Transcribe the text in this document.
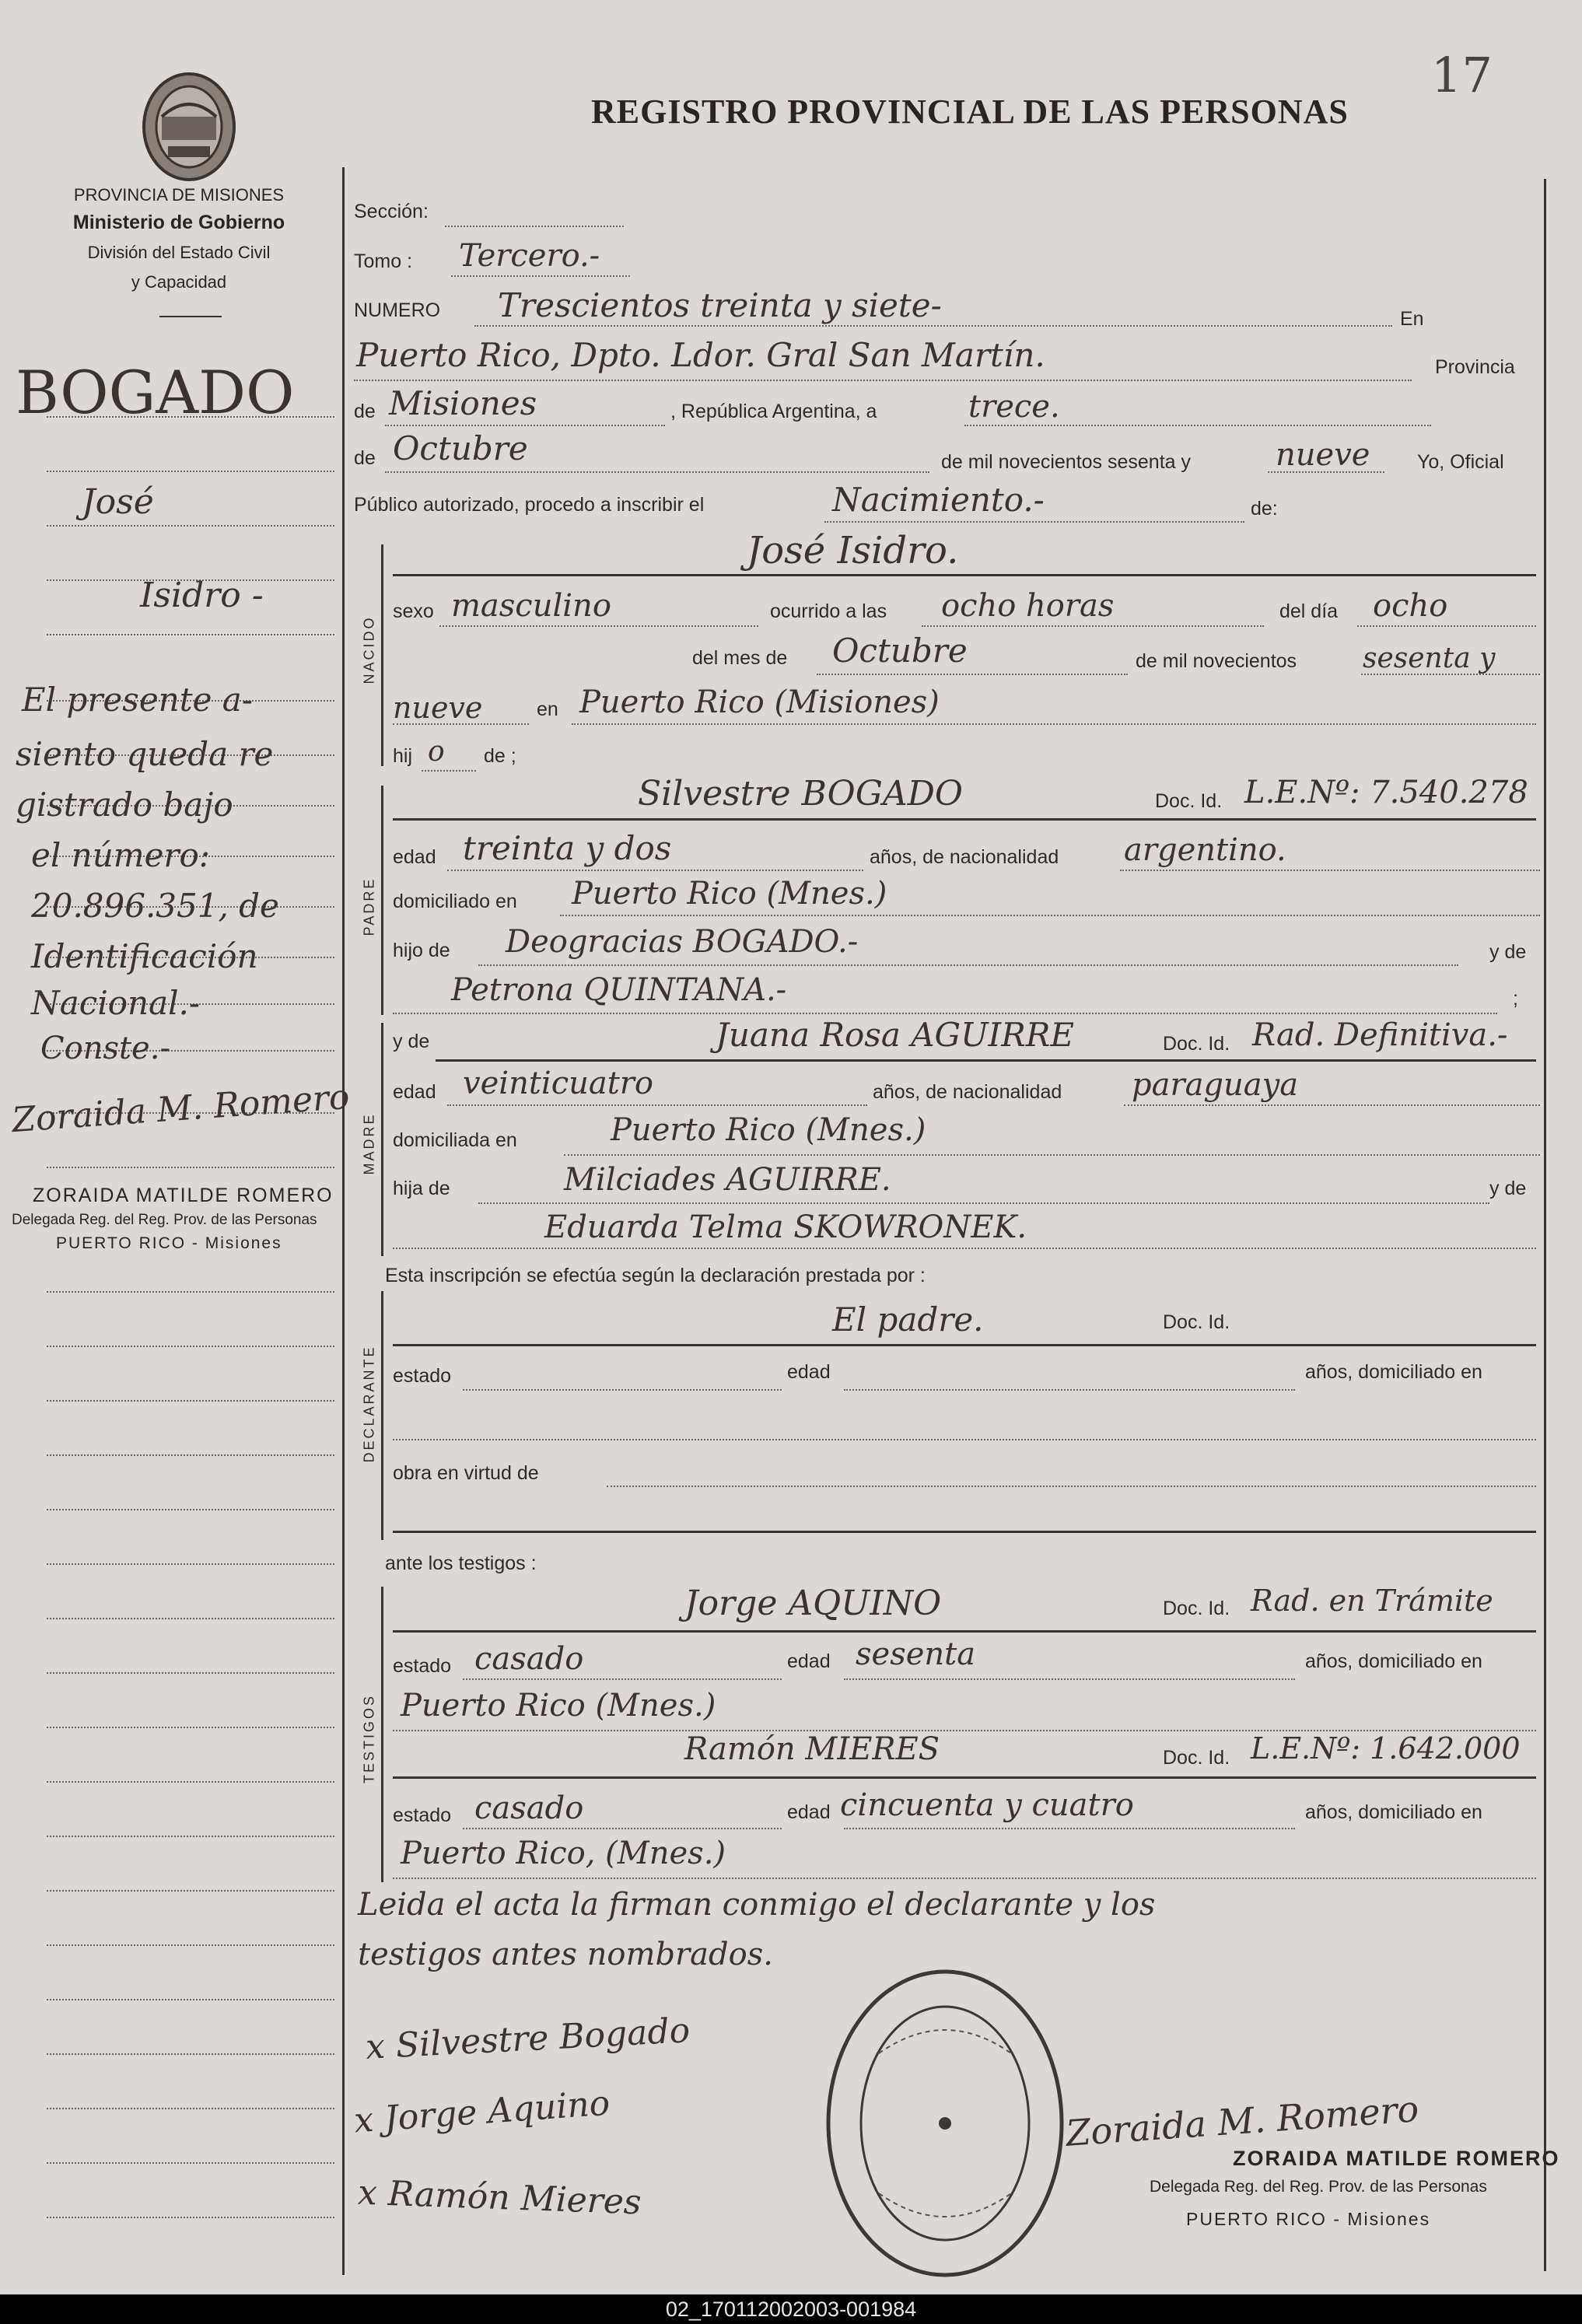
17
PROVINCIA DE MISIONES
Ministerio de Gobierno
División del Estado Civil
y Capacidad
REGISTRO PROVINCIAL DE LAS PERSONAS
BOGADO
José
Isidro -
El presente a-
siento queda re
gistrado bajo
el número:
20.896.351, de
Identificación
Nacional.-
Conste.-
Zoraida M. Romero
ZORAIDA MATILDE ROMERO
Delegada Reg. del Reg. Prov. de las Personas
PUERTO RICO - Misiones
Sección:
Tomo : Tercero.-
NUMERO Trescientos treinta y siete-	En
Puerto Rico, Dpto. Ldor. Gral San Martín.	Provincia
de Misiones	, República Argentina, a	trece.
de Octubre	de mil novecientos sesenta y	nueve Yo, Oficial
Público autorizado, procedo a inscribir el	Nacimiento.-	de:
NACIDO
José Isidro.
sexo masculino	ocurrido a las ocho horas	del día ocho
del mes de Octubre	de mil novecientos sesenta y
nueve	en Puerto Rico (Misiones)
hij o de ;
PADRE
Silvestre BOGADO	Doc. Id. L.E.Nº: 7.540.278
edad treinta y dos	años, de nacionalidad argentino.
domiciliado en Puerto Rico (Mnes.)
hijo de Deogracias BOGADO.-	y de
Petrona QUINTANA.-	;
MADRE
y de	Juana Rosa AGUIRRE	Doc. Id. Rad. Definitiva.-
edad veinticuatro	años, de nacionalidad paraguaya
domiciliada en	Puerto Rico (Mnes.)
hija de	Milciades AGUIRRE.	y de
Eduarda Telma SKOWRONEK.
Esta inscripción se efectúa según la declaración prestada por :
DECLARANTE
El padre.	Doc. Id.
estado	edad	años, domiciliado en
obra en virtud de
ante los testigos :
TESTIGOS
Jorge AQUINO	Doc. Id. Rad. en Trámite
estado casado	edad sesenta	años, domiciliado en
Puerto Rico (Mnes.)
Ramón MIERES	Doc. Id. L.E.Nº: 1.642.000
estado casado	edad cincuenta y cuatro	años, domiciliado en
Puerto Rico, (Mnes.)
Leida el acta la firman conmigo el declarante y los
testigos antes nombrados.
x Silvestre Bogado
x Jorge Aquino
x Ramón Mieres
Zoraida M. Romero
ZORAIDA MATILDE ROMERO
Delegada Reg. del Reg. Prov. de las Personas
PUERTO RICO - Misiones
02_170112002003-001984
